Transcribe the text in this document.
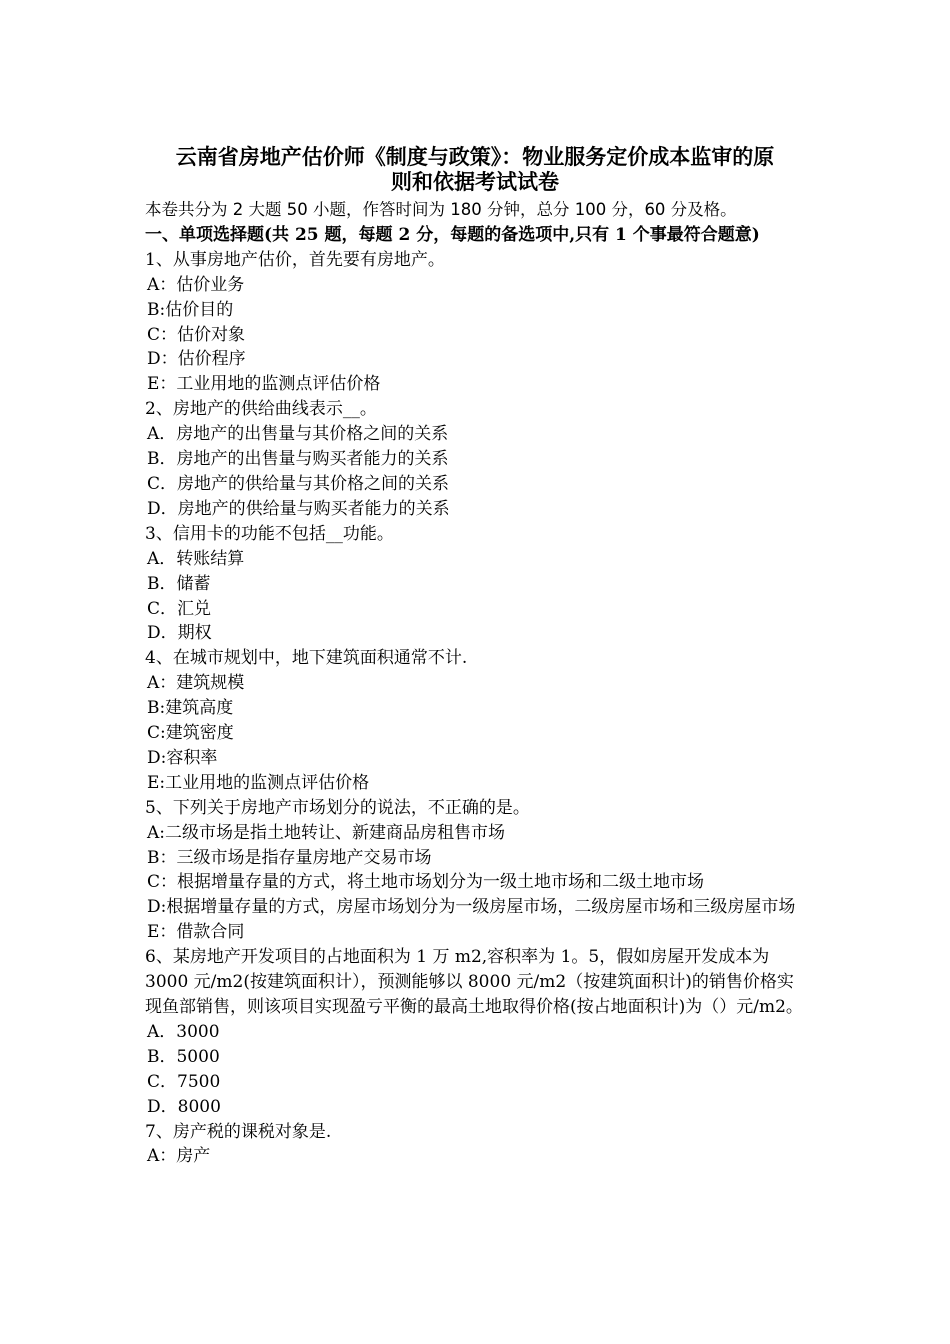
云南省房地产估价师《制度与政策》：物业服务定价成本监审的原
则和依据考试试卷
本卷共分为 2 大题 50 小题，作答时间为 180 分钟，总分 100 分，60 分及格。
一、单项选择题(共 25 题，每题 2 分，每题的备选项中,只有 1 个事最符合题意)
1、从事房地产估价，首先要有房地产。
A：估价业务
B:估价目的
C：估价对象
D：估价程序
E：工业用地的监测点评估价格
2、房地产的供给曲线表示__。
A．房地产的出售量与其价格之间的关系
B．房地产的出售量与购买者能力的关系
C．房地产的供给量与其价格之间的关系
D．房地产的供给量与购买者能力的关系
3、信用卡的功能不包括__功能。
A．转账结算
B．储蓄
C．汇兑
D．期权
4、在城市规划中，地下建筑面积通常不计.
A：建筑规模
B:建筑高度
C:建筑密度
D:容积率
E:工业用地的监测点评估价格
5、下列关于房地产市场划分的说法，不正确的是。
A:二级市场是指土地转让、新建商品房租售市场
B：三级市场是指存量房地产交易市场
C：根据增量存量的方式，将土地市场划分为一级土地市场和二级土地市场
D:根据增量存量的方式，房屋市场划分为一级房屋市场，二级房屋市场和三级房屋市场
E：借款合同
6、某房地产开发项目的占地面积为 1 万 m2,容积率为 1。5，假如房屋开发成本为 3000 元/m2(按建筑面积计），预测能够以 8000 元/m2（按建筑面积计)的销售价格实现鱼部销售，则该项目实现盈亏平衡的最高土地取得价格(按占地面积计)为（）元/m2。
A．3000
B．5000
C．7500
D．8000
7、房产税的课税对象是.
A：房产
